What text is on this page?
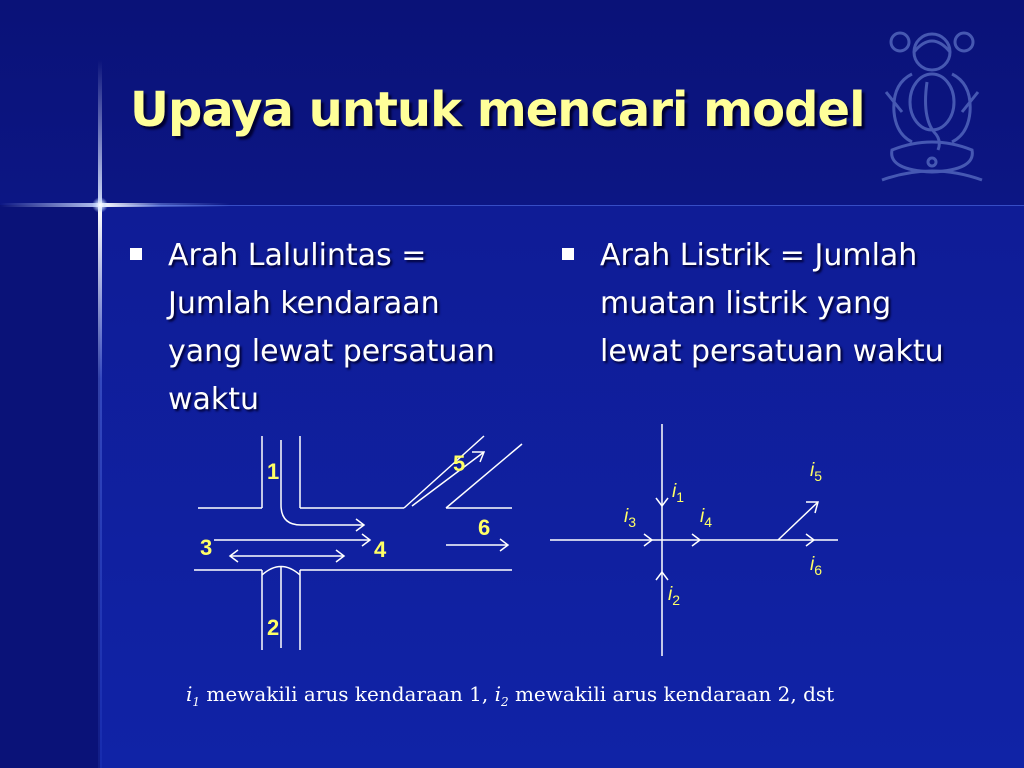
Upaya untuk mencari model

Arah Lalulintas = Jumlah kendaraan yang lewat persatuan waktu

Arah Listrik = Jumlah muatan listrik yang lewat persatuan waktu

1
2
3	4
5
6
$i_1$
$i_2$
$i_3$	$i_4$
$i_5$
$i_6$
$i_1$ mewakili arus kendaraan 1, $i_2$ mewakili arus kendaraan 2, dst
